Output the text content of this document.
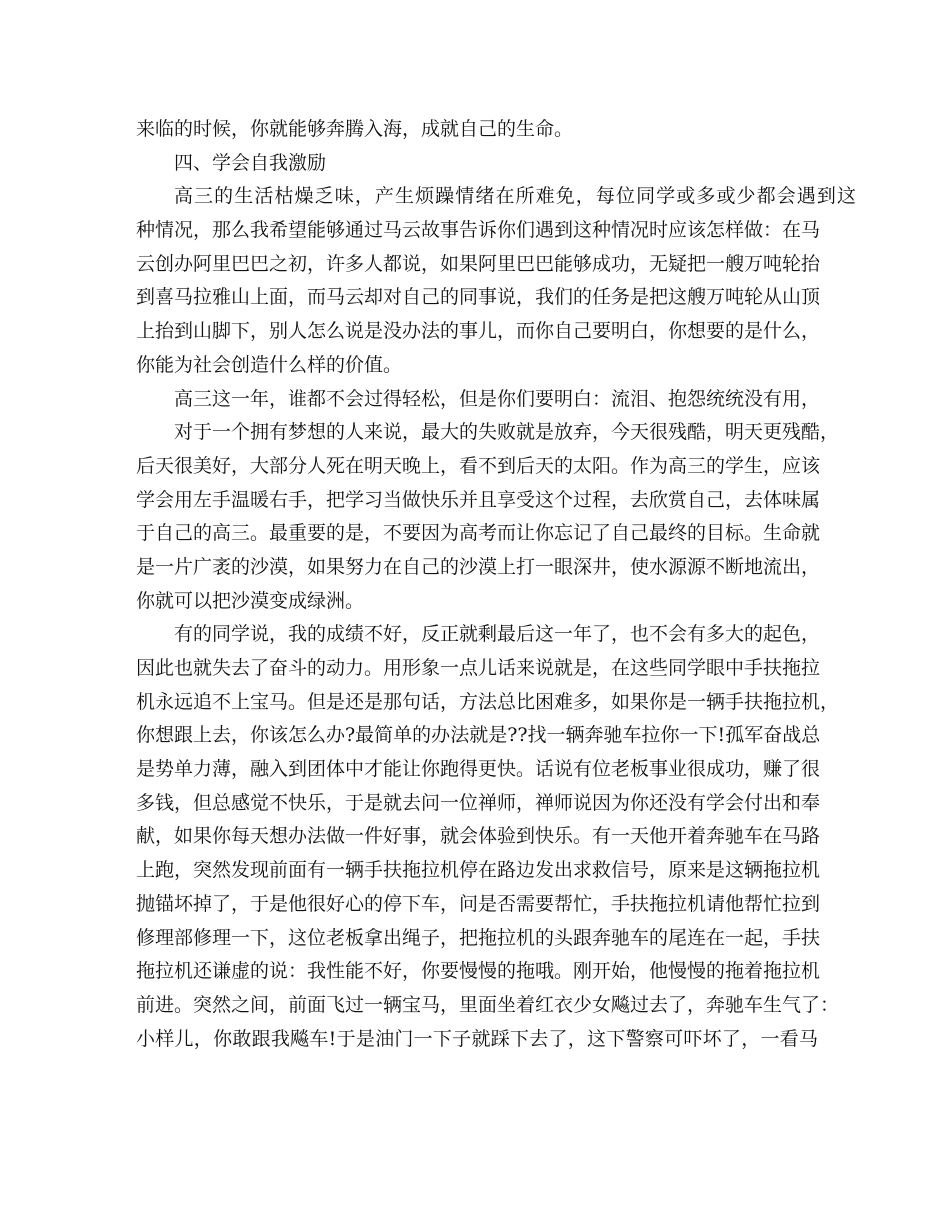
来临的时候，你就能够奔腾入海，成就自己的生命。
四、学会自我激励
高三的生活枯燥乏味，产生烦躁情绪在所难免，每位同学或多或少都会遇到这
种情况，那么我希望能够通过马云故事告诉你们遇到这种情况时应该怎样做：在马
云创办阿里巴巴之初，许多人都说，如果阿里巴巴能够成功，无疑把一艘万吨轮抬
到喜马拉雅山上面，而马云却对自己的同事说，我们的任务是把这艘万吨轮从山顶
上抬到山脚下，别人怎么说是没办法的事儿，而你自己要明白，你想要的是什么，
你能为社会创造什么样的价值。
高三这一年，谁都不会过得轻松，但是你们要明白：流泪、抱怨统统没有用，
对于一个拥有梦想的人来说，最大的失败就是放弃，今天很残酷，明天更残酷，
后天很美好，大部分人死在明天晚上，看不到后天的太阳。作为高三的学生，应该
学会用左手温暖右手，把学习当做快乐并且享受这个过程，去欣赏自己，去体味属
于自己的高三。最重要的是，不要因为高考而让你忘记了自己最终的目标。生命就
是一片广袤的沙漠，如果努力在自己的沙漠上打一眼深井，使水源源不断地流出，
你就可以把沙漠变成绿洲。
有的同学说，我的成绩不好，反正就剩最后这一年了，也不会有多大的起色，
因此也就失去了奋斗的动力。用形象一点儿话来说就是，在这些同学眼中手扶拖拉
机永远追不上宝马。但是还是那句话，方法总比困难多，如果你是一辆手扶拖拉机，
你想跟上去，你该怎么办?最简单的办法就是??找一辆奔驰车拉你一下!孤军奋战总
是势单力薄，融入到团体中才能让你跑得更快。话说有位老板事业很成功，赚了很
多钱，但总感觉不快乐，于是就去问一位禅师，禅师说因为你还没有学会付出和奉
献，如果你每天想办法做一件好事，就会体验到快乐。有一天他开着奔驰车在马路
上跑，突然发现前面有一辆手扶拖拉机停在路边发出求救信号，原来是这辆拖拉机
抛锚坏掉了，于是他很好心的停下车，问是否需要帮忙，手扶拖拉机请他帮忙拉到
修理部修理一下，这位老板拿出绳子，把拖拉机的头跟奔驰车的尾连在一起，手扶
拖拉机还谦虚的说：我性能不好，你要慢慢的拖哦。刚开始，他慢慢的拖着拖拉机
前进。突然之间，前面飞过一辆宝马，里面坐着红衣少女飚过去了，奔驰车生气了：
小样儿，你敢跟我飚车!于是油门一下子就踩下去了，这下警察可吓坏了，一看马
